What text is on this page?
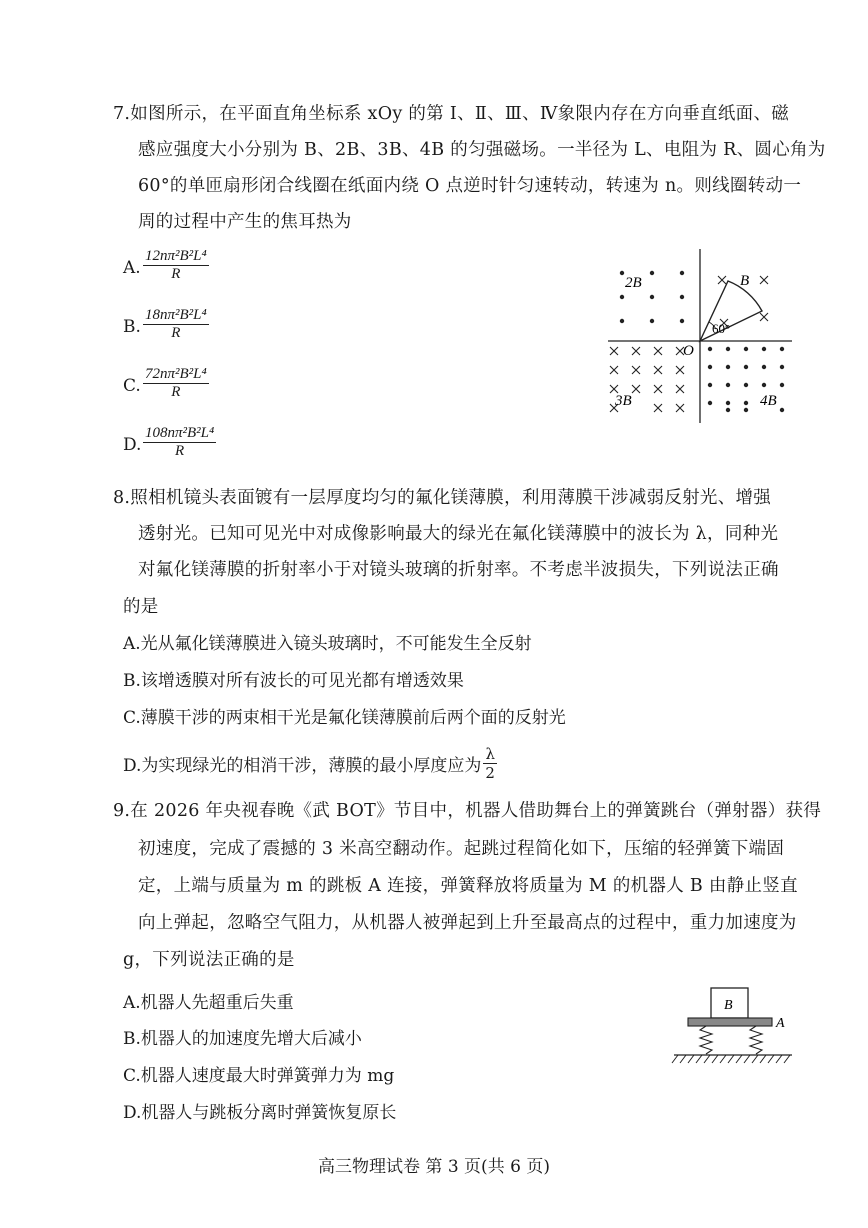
7.如图所示，在平面直角坐标系 xOy 的第 Ⅰ、Ⅱ、Ⅲ、Ⅳ象限内存在方向垂直纸面、磁
感应强度大小分别为 B、2B、3B、4B 的匀强磁场。一半径为 L、电阻为 R、圆心角为
60°的单匝扇形闭合线圈在纸面内绕 O 点逆时针匀速转动，转速为 n。则线圈转动一
周的过程中产生的焦耳热为
A. $\frac{\text{12nπ²B²L⁴}}{R}$
B. $\frac{\text{18nπ²B²L⁴}}{R}$
C. $\frac{\text{72nπ²B²L⁴}}{R}$
D. $\frac{\text{108nπ²B²L⁴}}{R}$
B
2B
3B	4B
O
60°
8.照相机镜头表面镀有一层厚度均匀的氟化镁薄膜，利用薄膜干涉减弱反射光、增强
透射光。已知可见光中对成像影响最大的绿光在氟化镁薄膜中的波长为 λ，同种光
对氟化镁薄膜的折射率小于对镜头玻璃的折射率。不考虑半波损失，下列说法正确
的是
A.光从氟化镁薄膜进入镜头玻璃时，不可能发生全反射
B.该增透膜对所有波长的可见光都有增透效果
C.薄膜干涉的两束相干光是氟化镁薄膜前后两个面的反射光
D.为实现绿光的相消干涉，薄膜的最小厚度应为 $\frac{\lambda}{2}$
9.在 2026 年央视春晚《武 BOT》节目中，机器人借助舞台上的弹簧跳台（弹射器）获得
初速度，完成了震撼的 3 米高空翻动作。起跳过程简化如下，压缩的轻弹簧下端固
定，上端与质量为 m 的跳板 A 连接，弹簧释放将质量为 M 的机器人 B 由静止竖直
向上弹起，忽略空气阻力，从机器人被弹起到上升至最高点的过程中，重力加速度为
g，下列说法正确的是
A.机器人先超重后失重
B.机器人的加速度先增大后减小
C.机器人速度最大时弹簧弹力为 mg
D.机器人与跳板分离时弹簧恢复原长
B
A
高三物理试卷 第 3 页(共 6 页)
